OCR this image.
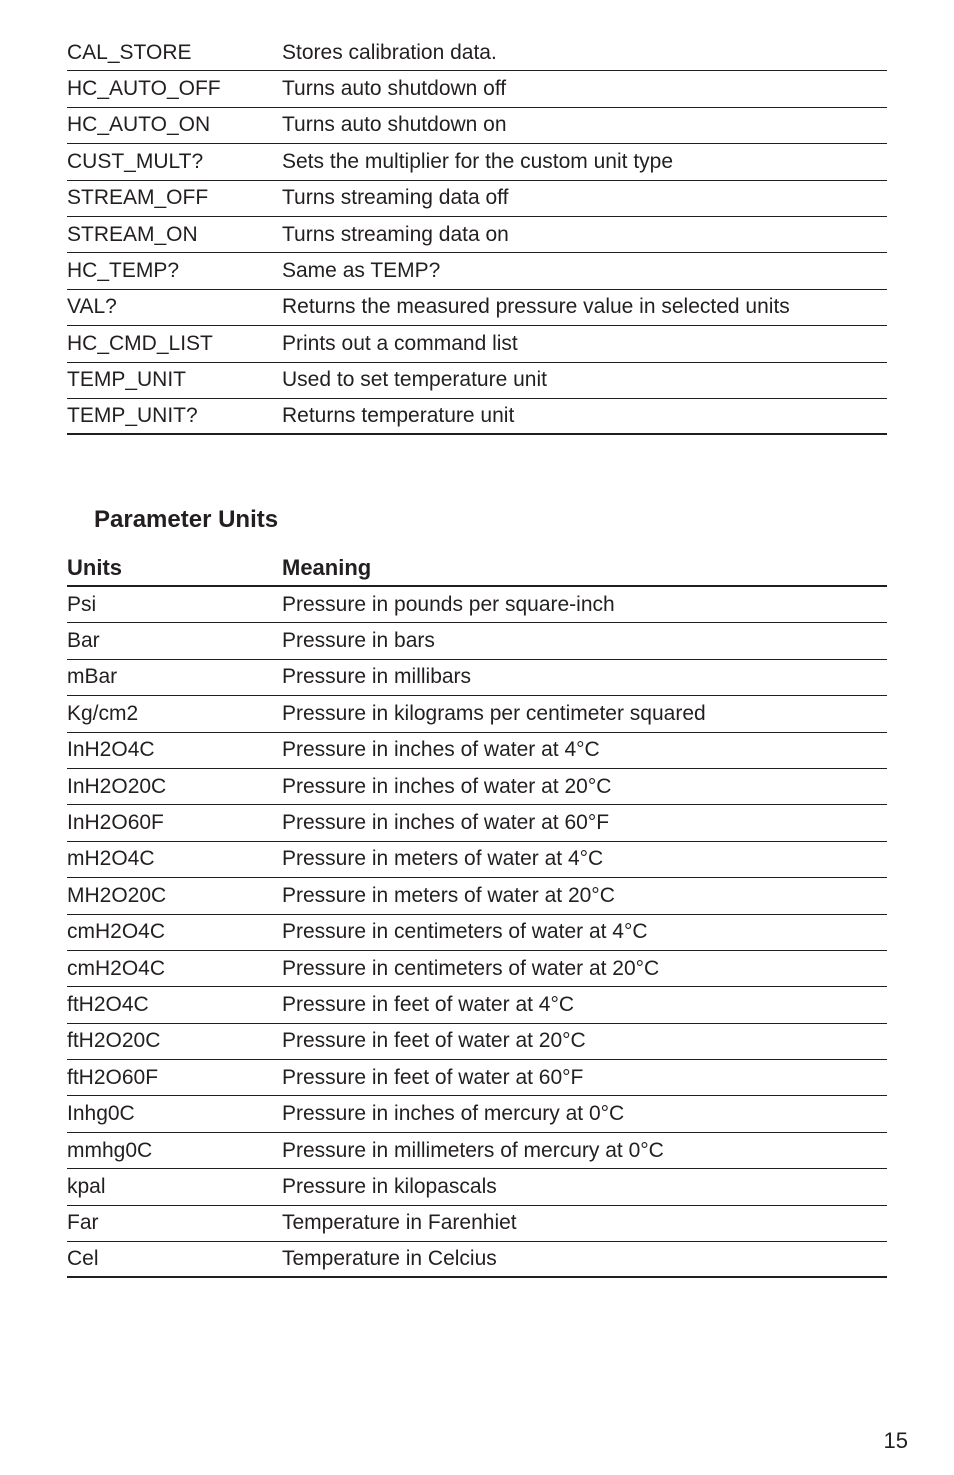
CAL_STORE	Stores calibration data.
HC_AUTO_OFF	Turns auto shutdown off
HC_AUTO_ON	Turns auto shutdown on
CUST_MULT?	Sets the multiplier for the custom unit type
STREAM_OFF	Turns streaming data off
STREAM_ON	Turns streaming data on
HC_TEMP?	Same as TEMP?
VAL?	Returns the measured pressure value in selected units
HC_CMD_LIST	Prints out a command list
TEMP_UNIT	Used to set temperature unit
TEMP_UNIT?	Returns temperature unit
Parameter Units
Units	Meaning
Psi	Pressure in pounds per square-inch
Bar	Pressure in bars
mBar	Pressure in millibars
Kg/cm2	Pressure in kilograms per centimeter squared
InH2O4C	Pressure in inches of water at 4°C
InH2O20C	Pressure in inches of water at 20°C
InH2O60F	Pressure in inches of water at 60°F
mH2O4C	Pressure in meters of water at 4°C
MH2O20C	Pressure in meters of water at 20°C
cmH2O4C	Pressure in centimeters of water at 4°C
cmH2O4C	Pressure in centimeters of water at 20°C
ftH2O4C	Pressure in feet of water at 4°C
ftH2O20C	Pressure in feet of water at 20°C
ftH2O60F	Pressure in feet of water at 60°F
Inhg0C	Pressure in inches of mercury at 0°C
mmhg0C	Pressure in millimeters of mercury at 0°C
kpal	Pressure in kilopascals
Far	Temperature in Farenhiet
Cel	Temperature in Celcius
15
